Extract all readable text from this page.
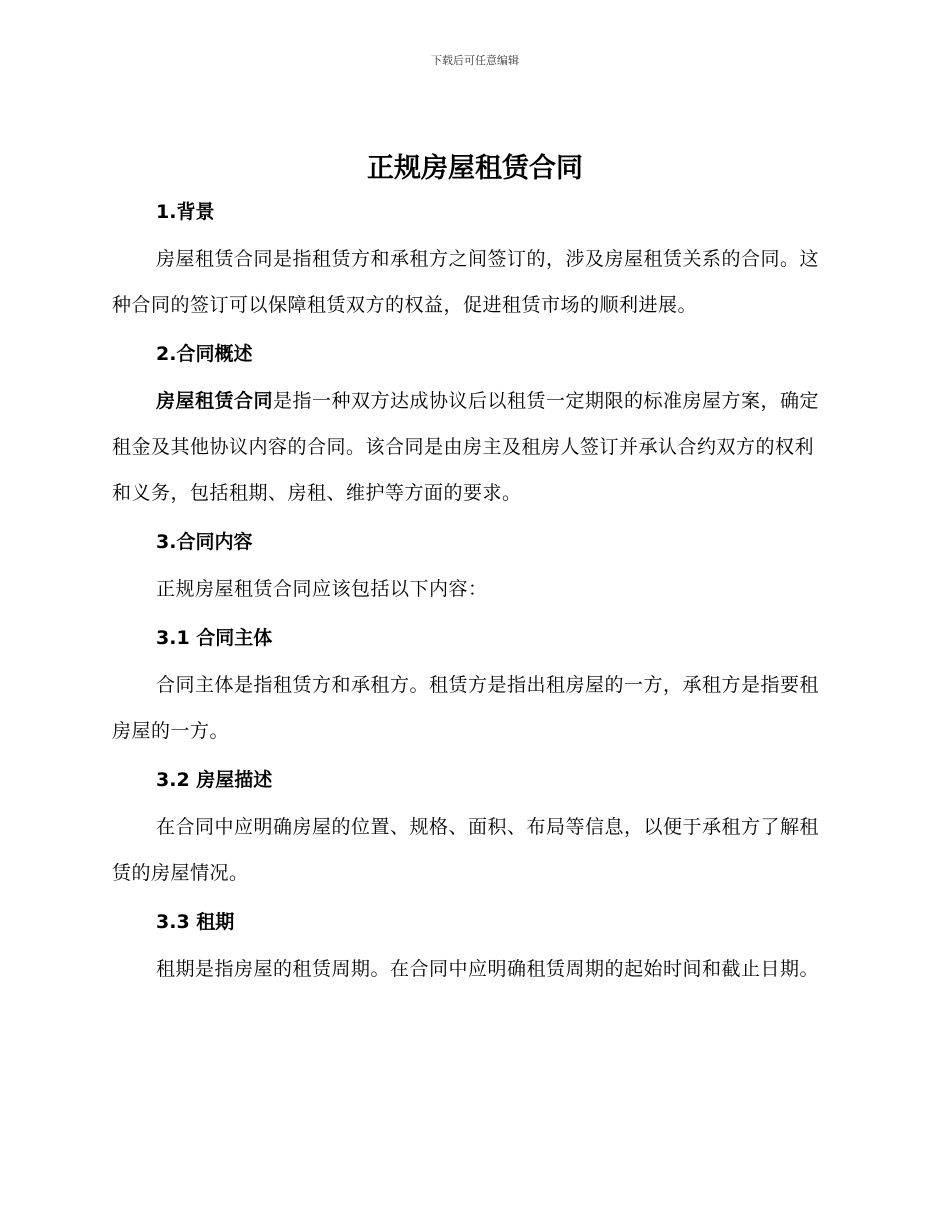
下载后可任意编辑
正规房屋租赁合同
1.背景

房屋租赁合同是指租赁方和承租方之间签订的，涉及房屋租赁关系的合同。这种合同的签订可以保障租赁双方的权益，促进租赁市场的顺利进展。

2.合同概述

房屋租赁合同是指一种双方达成协议后以租赁一定期限的标准房屋方案，确定租金及其他协议内容的合同。该合同是由房主及租房人签订并承认合约双方的权利和义务，包括租期、房租、维护等方面的要求。

3.合同内容

正规房屋租赁合同应该包括以下内容：

3.1 合同主体

合同主体是指租赁方和承租方。租赁方是指出租房屋的一方，承租方是指要租房屋的一方。

3.2 房屋描述

在合同中应明确房屋的位置、规格、面积、布局等信息，以便于承租方了解租赁的房屋情况。

3.3 租期

租期是指房屋的租赁周期。在合同中应明确租赁周期的起始时间和截止日期。
